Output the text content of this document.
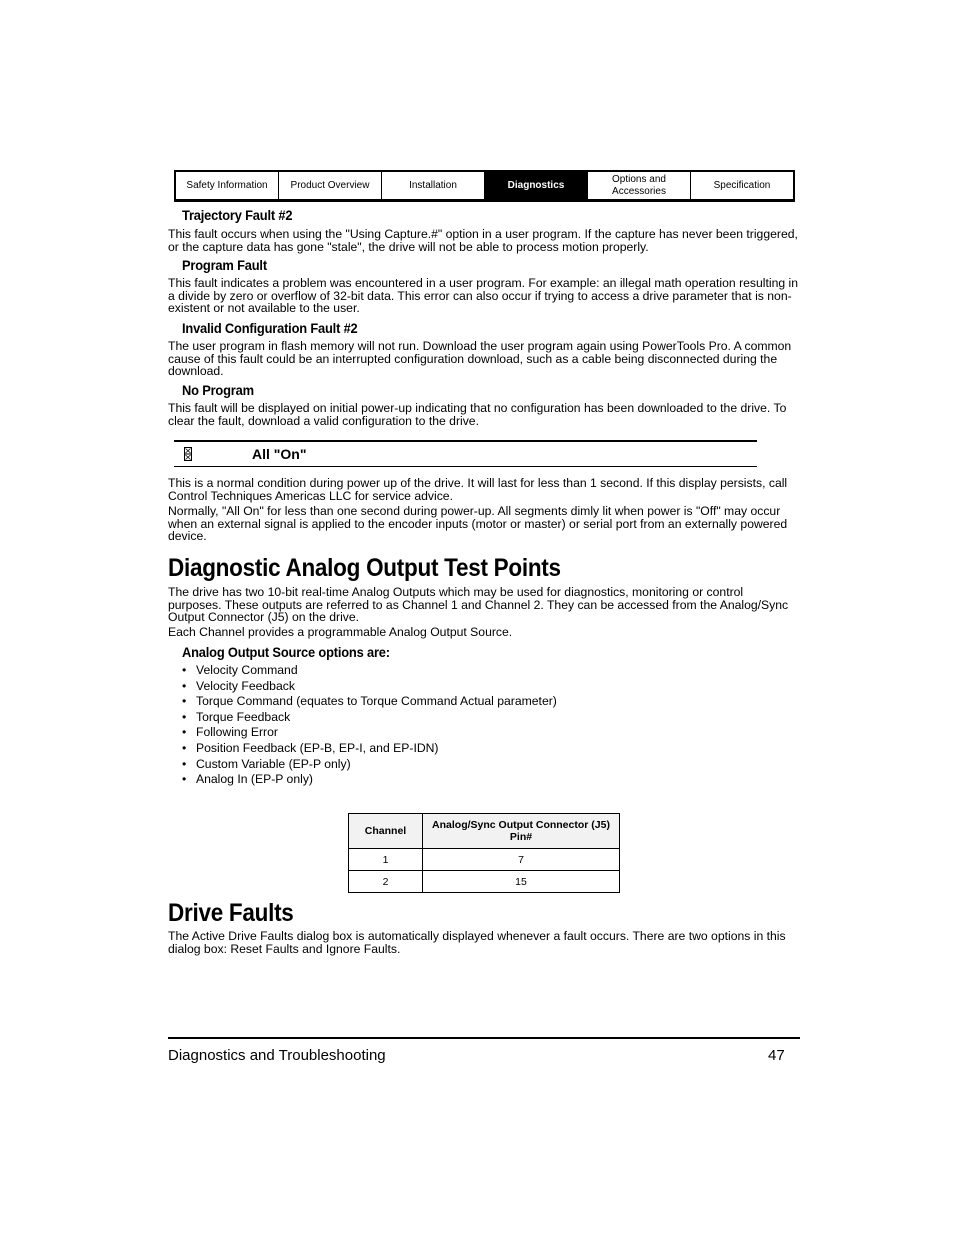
Safety Information	Product Overview	Installation	Diagnostics
Options and Accessories
Specification
Trajectory Fault #2
This fault occurs when using the "Using Capture.#" option in a user program. If the capture has never been triggered, or the capture data has gone "stale", the drive will not be able to process motion properly.
Program Fault
This fault indicates a problem was encountered in a user program. For example: an illegal math operation resulting in a divide by zero or overflow of 32-bit data. This error can also occur if trying to access a drive parameter that is non-existent or not available to the user.
Invalid Configuration Fault #2
The user program in flash memory will not run. Download the user program again using PowerTools Pro. A common cause of this fault could be an interrupted configuration download, such as a cable being disconnected during the download.
No Program
This fault will be displayed on initial power-up indicating that no configuration has been downloaded to the drive. To clear the fault, download a valid configuration to the drive.
All "On"
This is a normal condition during power up of the drive. It will last for less than 1 second. If this display persists, call Control Techniques Americas LLC for service advice.
Normally, "All On" for less than one second during power-up. All segments dimly lit when power is "Off" may occur when an external signal is applied to the encoder inputs (motor or master) or serial port from an externally powered device.
Diagnostic Analog Output Test Points
The drive has two 10-bit real-time Analog Outputs which may be used for diagnostics, monitoring or control purposes. These outputs are referred to as Channel 1 and Channel 2. They can be accessed from the Analog/Sync Output Connector (J5) on the drive.
Each Channel provides a programmable Analog Output Source.
Analog Output Source options are:
• Velocity Command
• Velocity Feedback
• Torque Command (equates to Torque Command Actual parameter)
• Torque Feedback
• Following Error
• Position Feedback (EP-B, EP-I, and EP-IDN)
• Custom Variable (EP-P only)
• Analog In (EP-P only)
Channel	Analog/Sync Output Connector (J5) Pin#
1	7
2	15
Drive Faults
The Active Drive Faults dialog box is automatically displayed whenever a fault occurs. There are two options in this dialog box: Reset Faults and Ignore Faults.
Diagnostics and Troubleshooting	47
